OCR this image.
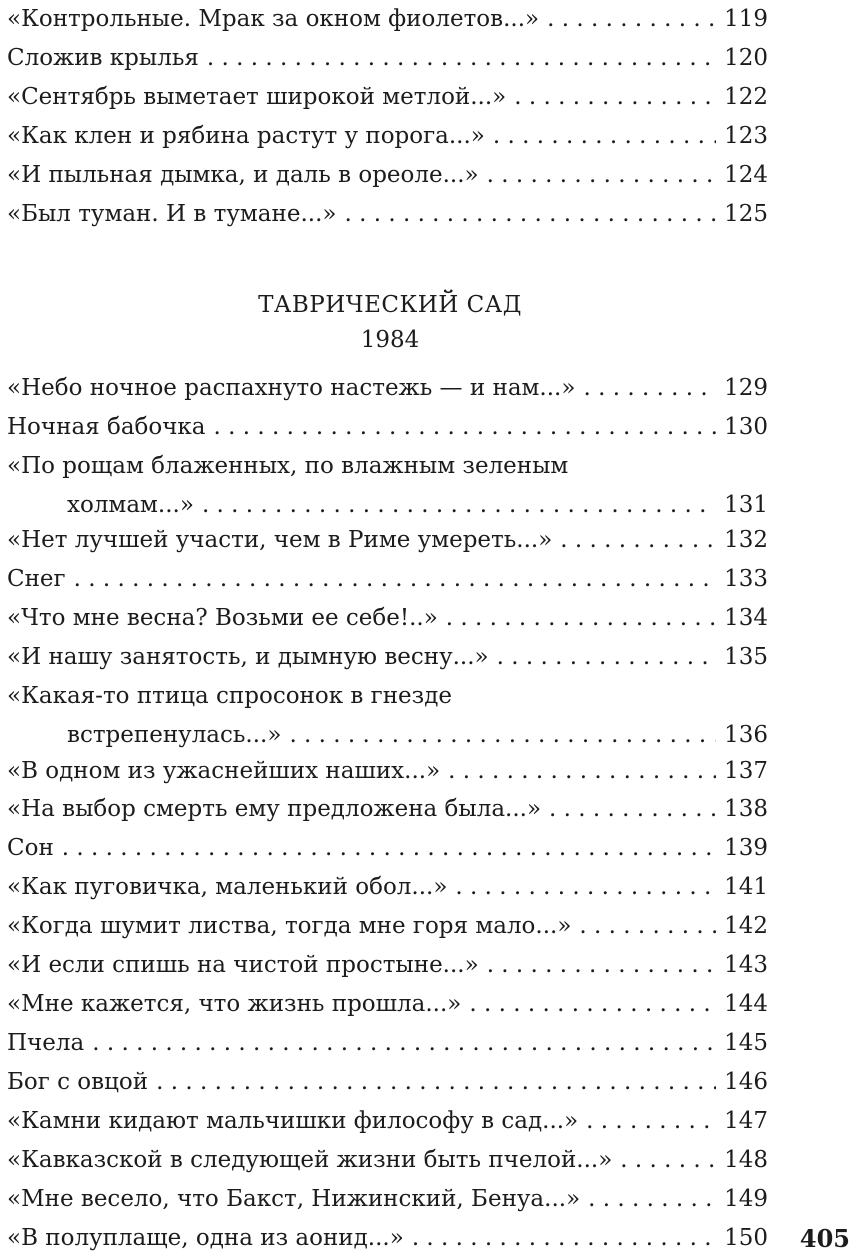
«Контрольные. Мрак за окном фиолетов...» . . .	119
Сложив крылья . . .	120
«Сентябрь выметает широкой метлой...» . . .	122
«Как клен и рябина растут у порога...» . . .	123
«И пыльная дымка, и даль в ореоле...» . . .	124
«Был туман. И в тумане...» . . .	125
ТАВРИЧЕСКИЙ САД
1984
«Небо ночное распахнуто настежь — и нам...» . . .	129
Ночная бабочка . . .	130
«По рощам блаженных, по влажным зеленым
холмам...» . . .	131
«Нет лучшей участи, чем в Риме умереть...» . . .	132
Снег . . .	133
«Что мне весна? Возьми ее себе!..» . . .	134
«И нашу занятость, и дымную весну...» . . .	135
«Какая-то птица спросонок в гнезде
встрепенулась...» . . .	136
«В одном из ужаснейших наших...» . . .	137
«На выбор смерть ему предложена была...» . . .	138
Сон . . .	139
«Как пуговичка, маленький обол...» . . .	141
«Когда шумит листва, тогда мне горя мало...» . . .	142
«И если спишь на чистой простыне...» . . .	143
«Мне кажется, что жизнь прошла...» . . .	144
Пчела . . .	145
Бог с овцой . . .	146
«Камни кидают мальчишки философу в сад...» . . .	147
«Кавказской в следующей жизни быть пчелой...» . . .	148
«Мне весело, что Бакст, Нижинский, Бенуа...» . . .	149
«В полуплаще, одна из аонид...» . . .	150 405
